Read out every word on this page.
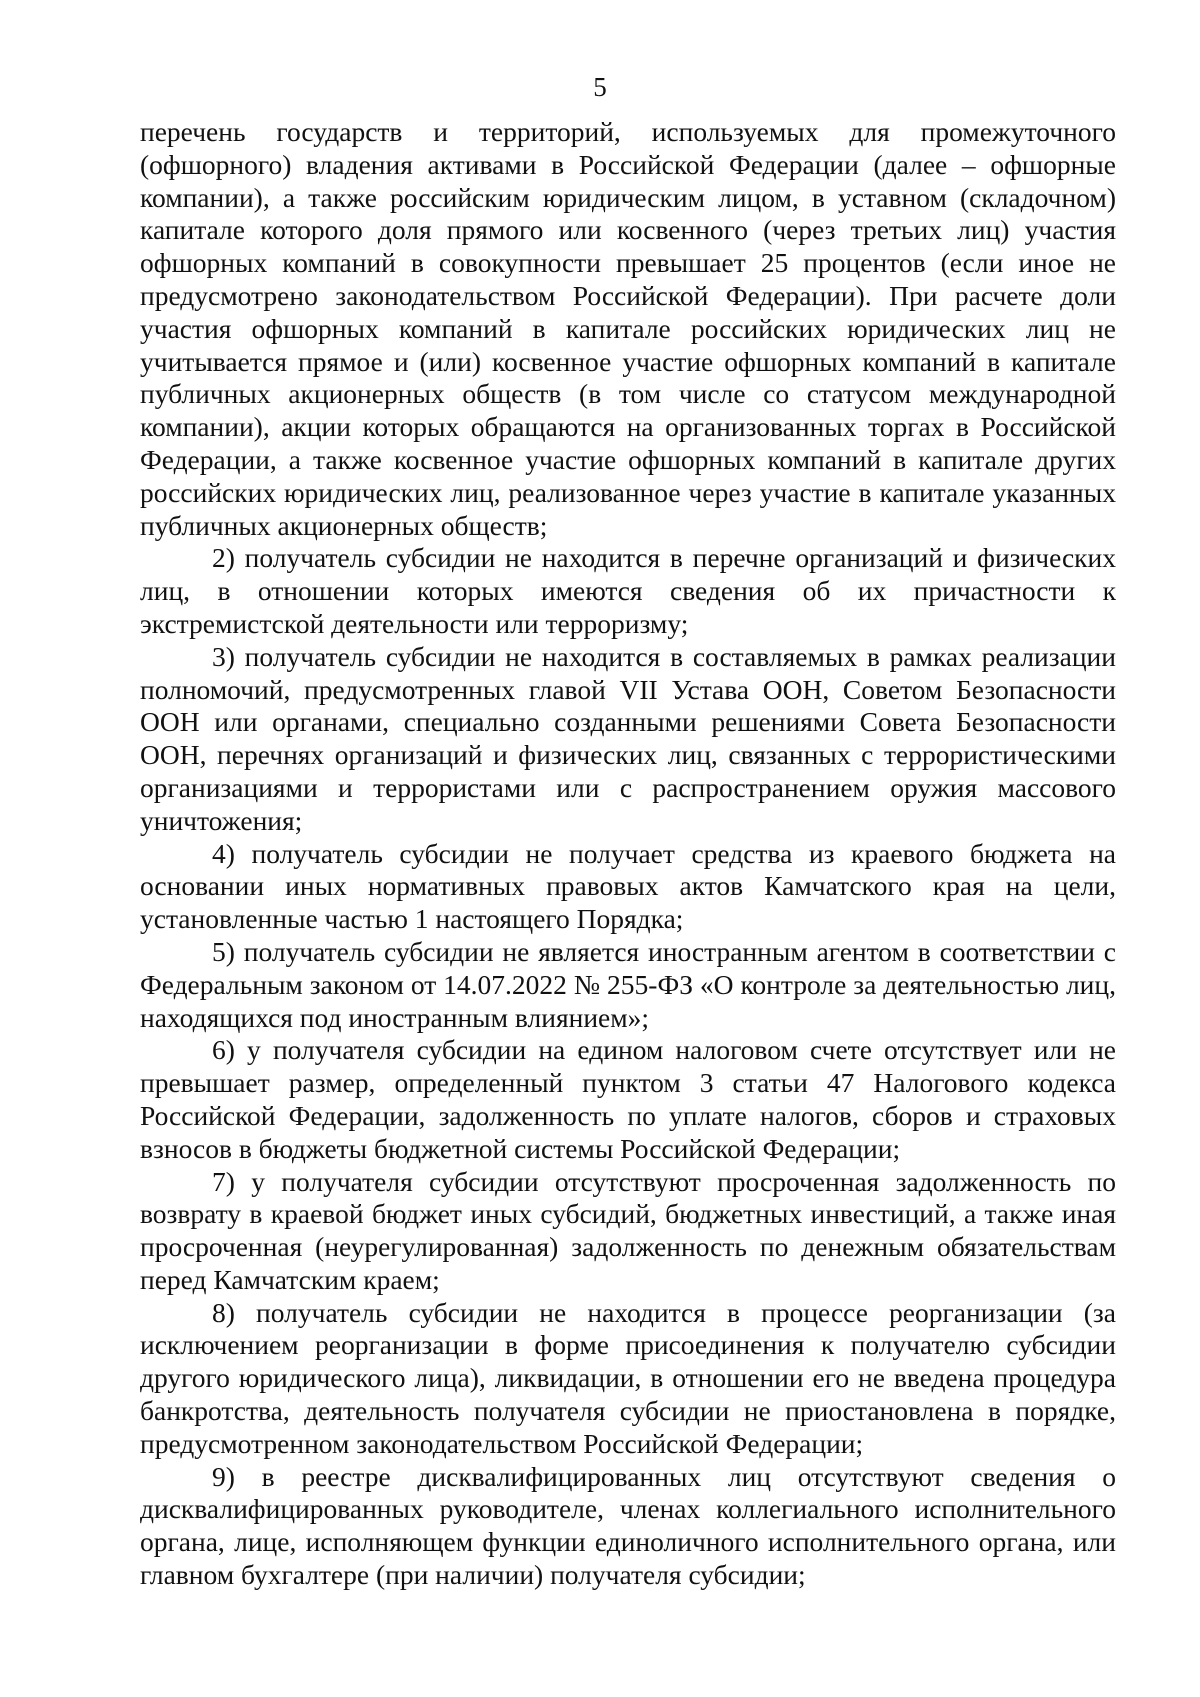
5

перечень государств и территорий, используемых для промежуточного (офшорного) владения активами в Российской Федерации (далее – офшорные компании), а также российским юридическим лицом, в уставном (складочном) капитале которого доля прямого или косвенного (через третьих лиц) участия офшорных компаний в совокупности превышает 25 процентов (если иное не предусмотрено законодательством Российской Федерации). При расчете доли участия офшорных компаний в капитале российских юридических лиц не учитывается прямое и (или) косвенное участие офшорных компаний в капитале публичных акционерных обществ (в том числе со статусом международной компании), акции которых обращаются на организованных торгах в Российской Федерации, а также косвенное участие офшорных компаний в капитале других российских юридических лиц, реализованное через участие в капитале указанных публичных акционерных обществ;

2) получатель субсидии не находится в перечне организаций и физических лиц, в отношении которых имеются сведения об их причастности к экстремистской деятельности или терроризму;

3) получатель субсидии не находится в составляемых в рамках реализации полномочий, предусмотренных главой VII Устава ООН, Советом Безопасности ООН или органами, специально созданными решениями Совета Безопасности ООН, перечнях организаций и физических лиц, связанных с террористическими организациями и террористами или с распространением оружия массового уничтожения;

4) получатель субсидии не получает средства из краевого бюджета на основании иных нормативных правовых актов Камчатского края на цели, установленные частью 1 настоящего Порядка;

5) получатель субсидии не является иностранным агентом в соответствии с Федеральным законом от 14.07.2022 № 255-ФЗ «О контроле за деятельностью лиц, находящихся под иностранным влиянием»;

6) у получателя субсидии на едином налоговом счете отсутствует или не превышает размер, определенный пунктом 3 статьи 47 Налогового кодекса Российской Федерации, задолженность по уплате налогов, сборов и страховых взносов в бюджеты бюджетной системы Российской Федерации;

7) у получателя субсидии отсутствуют просроченная задолженность по возврату в краевой бюджет иных субсидий, бюджетных инвестиций, а также иная просроченная (неурегулированная) задолженность по денежным обязательствам перед Камчатским краем;

8) получатель субсидии не находится в процессе реорганизации (за исключением реорганизации в форме присоединения к получателю субсидии другого юридического лица), ликвидации, в отношении его не введена процедура банкротства, деятельность получателя субсидии не приостановлена в порядке, предусмотренном законодательством Российской Федерации;

9) в реестре дисквалифицированных лиц отсутствуют сведения о дисквалифицированных руководителе, членах коллегиального исполнительного органа, лице, исполняющем функции единоличного исполнительного органа, или главном бухгалтере (при наличии) получателя субсидии;
